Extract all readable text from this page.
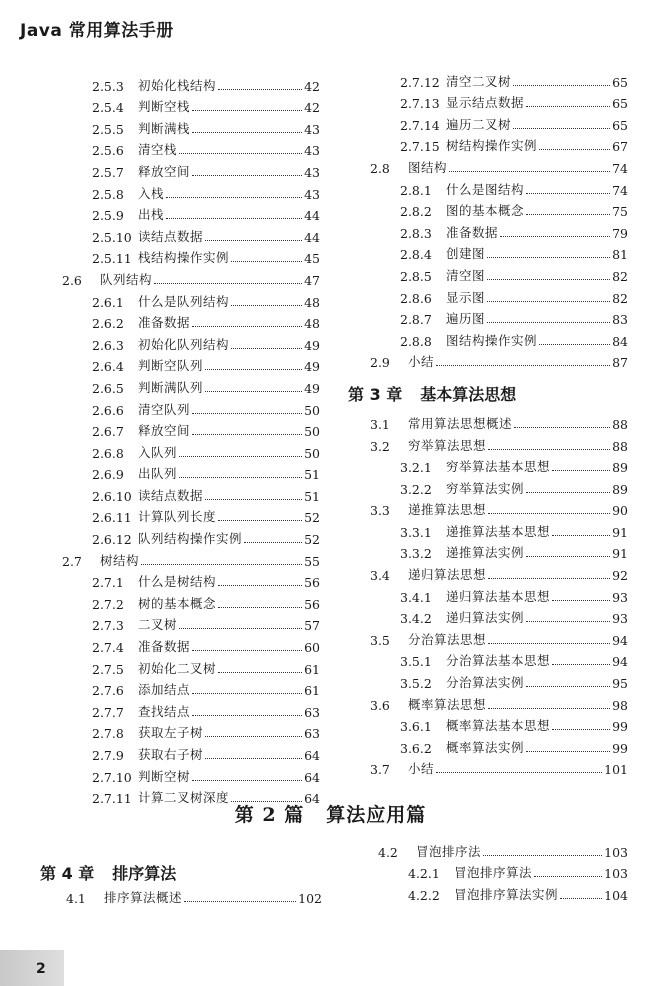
Java 常用算法手册
2.5.3	初始化栈结构	42
2.5.4	判断空栈	42
2.5.5	判断满栈	43
2.5.6	清空栈	43
2.5.7	释放空间	43
2.5.8	入栈	43
2.5.9	出栈	44
2.5.10 读结点数据	44
2.5.11 栈结构操作实例	45
2.6	队列结构	47
2.6.1	什么是队列结构	48
2.6.2	准备数据	48
2.6.3	初始化队列结构	49
2.6.4	判断空队列	49
2.6.5	判断满队列	49
2.6.6	清空队列	50
2.6.7	释放空间	50
2.6.8	入队列	50
2.6.9	出队列	51
2.6.10 读结点数据	51
2.6.11 计算队列长度	52
2.6.12 队列结构操作实例	52
2.7	树结构	55
2.7.1	什么是树结构	56
2.7.2	树的基本概念	56
2.7.3	二叉树	57
2.7.4	准备数据	60
2.7.5	初始化二叉树	61
2.7.6	添加结点	61
2.7.7	查找结点	63
2.7.8	获取左子树	63
2.7.9	获取右子树	64
2.7.10 判断空树	64
2.7.11 计算二叉树深度	64
2.7.12 清空二叉树	65
2.7.13 显示结点数据	65
2.7.14 遍历二叉树	65
2.7.15 树结构操作实例	67
2.8	图结构	74
2.8.1	什么是图结构	74
2.8.2	图的基本概念	75
2.8.3	准备数据	79
2.8.4	创建图	81
2.8.5	清空图	82
2.8.6	显示图	82
2.8.7	遍历图	83
2.8.8	图结构操作实例	84
2.9	小结	87
第 3 章 基本算法思想
3.1	常用算法思想概述	88
3.2	穷举算法思想	88
3.2.1	穷举算法基本思想	89
3.2.2	穷举算法实例	89
3.3	递推算法思想	90
3.3.1	递推算法基本思想	91
3.3.2	递推算法实例	91
3.4	递归算法思想	92
3.4.1	递归算法基本思想	93
3.4.2	递归算法实例	93
3.5	分治算法思想	94
3.5.1	分治算法基本思想	94
3.5.2	分治算法实例	95
3.6	概率算法思想	98
3.6.1	概率算法基本思想	99
3.6.2	概率算法实例	99
3.7	小结	101
第 2 篇 算法应用篇
第 4 章 排序算法
4.1	排序算法概述	102
4.2	冒泡排序法	103
4.2.1	冒泡排序算法	103
4.2.2	冒泡排序算法实例	104
2
